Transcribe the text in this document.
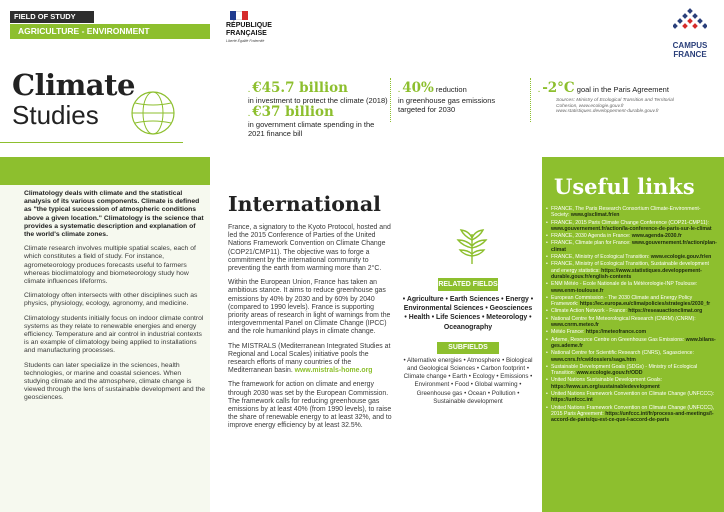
FIELD OF STUDY
AGRICULTURE - ENVIRONMENT
Climate
Studies
RÉPUBLIQUE FRANÇAISE
Liberté Égalité Fraternité	CAMPUS FRANCE
. €45.7 billion
in investment to protect the climate (2018)
. €37 billion
in government climate spending in the 2021 finance bill
. 40% reduction
in greenhouse gas emissions targeted for 2030
. -2°C goal in the Paris Agreement
Sources: Ministry of Ecological Transition and Territorial Cohesion, www.ecologie.gouv.fr www.statistiques.developpement-durable.gouv.fr

Climatology deals with climate and the statistical analysis of its various components. Climate is defined as "the typical succession of atmospheric conditions above a given location." Climatology is the science that provides a systematic description and explanation of the world's climate zones.

Climate research involves multiple spatial scales, each of which constitutes a field of study. For instance, agrometeorology produces forecasts useful to farmers whereas bioclimatology and biometeorology study how climate influences lifeforms.

Climatology often intersects with other disciplines such as physics, physiology, ecology, agronomy, and medicine.

Climatology students initially focus on indoor climate control systems as they relate to renewable energies and energy efficiency. Temperature and air control in industrial contexts is an example of climatology being applied to installations and manufacturing processes.

Students can later specialize in the sciences, health technologies, or marine and coastal sciences. When studying climate and the atmosphere, climate change is viewed through the lens of sustainable development and the geosciences.

International

France, a signatory to the Kyoto Protocol, hosted and led the 2015 Conference of Parties of the United Nations Framework Convention on Climate Change (COP21/CMP11). The objective was to forge a commitment by the international community to preventing the earth from warming more than 2°C.

Within the European Union, France has taken an ambitious stance. It aims to reduce greenhouse gas emissions by 40% by 2030 and by 60% by 2040 (compared to 1990 levels). France is supporting priority areas of research in light of warnings from the intergovernmental Panel on Climate Change (IPCC) and the role humankind plays in climate change.

The MISTRALS (Mediterranean Integrated Studies at Regional and Local Scales) initiative pools the research efforts of many countries of the Mediterranean basin. www.mistrals-home.org

The framework for action on climate and energy through 2030 was set by the European Commission. The framework calls for reducing greenhouse gas emissions by at least 40% (from 1990 levels), to raise the share of renewable energy to at least 32%, and to improve energy efficiency by at least 32.5%.

RELATED FIELDS
• Agriculture • Earth Sciences • Energy • Environmental Sciences • Geosciences • Health • Life Sciences • Meteorology • Oceanography
SUBFIELDS
• Alternative energies • Atmosphere • Biological and Geological Sciences • Carbon footprint • Climate change • Earth • Ecology • Emissions • Environment • Food • Global warming • Greenhouse gas • Ocean • Pollution • Sustainable development
Useful links
• FRANCE, The Paris Research Consortium Climate-Environment-Society: www.gisclimat.fr/en
• FRANCE, 2015 Paris Climate Change Conference (COP21-CMP11): www.gouvernement.fr/action/la-conference-de-paris-sur-le-climat
• FRANCE, 2030 Agenda in France: www.agenda-2030.fr
• FRANCE, Climate plan for France: www.gouvernement.fr/action/plan-climat
• FRANCE, Ministry of Ecological Transition: www.ecologie.gouv.fr/en
• FRANCE, Ministry of Ecological Transition, Sustainable development and energy statistics: https://www.statistiques.developpement-durable.gouv.fr/english-contents
• ENM Météo - Ecole Nationale de la Météorologie-INP Toulouse: www.enm-toulouse.fr
• European Commission - The 2030 Climate and Energy Policy Framework: https://ec.europa.eu/clima/policies/strategies/2030_fr
• Climate Action Network - France: https://reseauactionclimat.org
• National Centre for Meteorological Research (CNRM) (CNRM): www.cnrm.meteo.fr
• Météo France: https://meteofrance.com
• Ademe, Resource Centre on Greenhouse Gas Emissions: www.bilans-ges.ademe.fr
• National Centre for Scientific Research (CNRS), Sagascience: www.cnrs.fr/cw/dossiers/saga.htm
• Sustainable Development Goals (SDGs) - Ministry of Ecological Transition: www.ecologie.gouv.fr/ODD
• United Nations Sustainable Development Goals: https://www.un.org/sustainabledevelopment
• United Nations Framework Convention on Climate Change (UNFCCC): https://unfccc.int
• United Nations Framework Convention on Climate Change (UNFCCC), 2015 Paris Agreement: https://unfccc.int/fr/process-and-meetings/l-accord-de-paris/qu-est-ce-que-l-accord-de-paris
